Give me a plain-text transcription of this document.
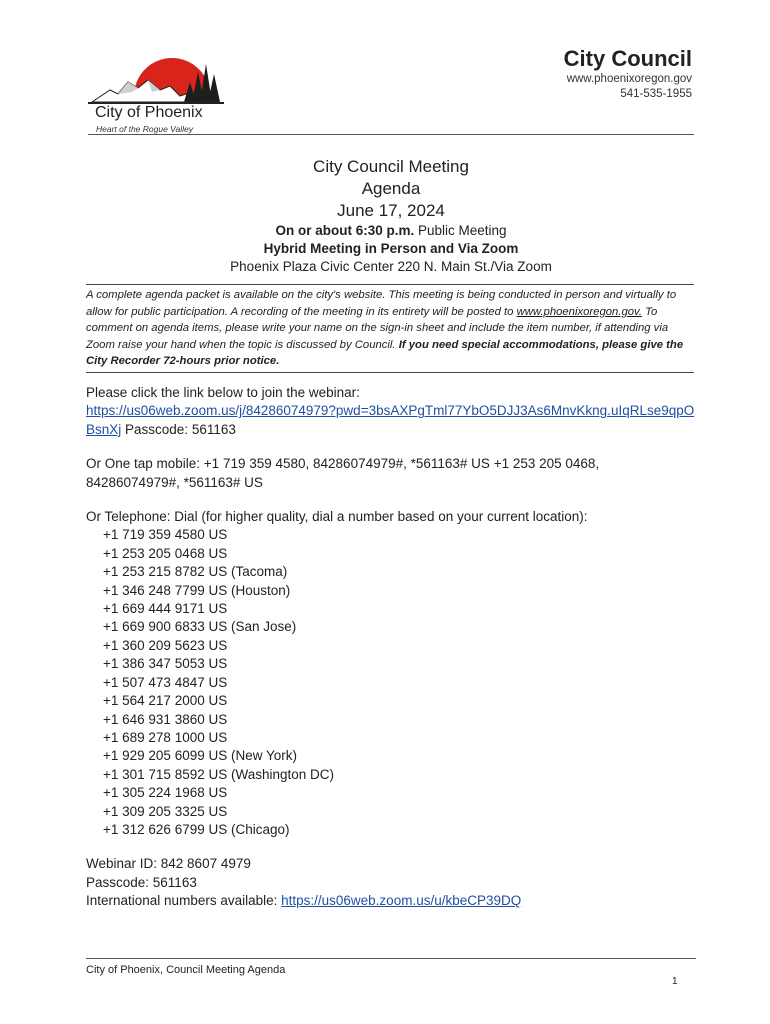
City of Phoenix
Heart of the Rogue Valley
City Council
www.phoenixoregon.gov
541-535-1955
City Council Meeting
Agenda
June 17, 2024
On or about 6:30 p.m. Public Meeting
Hybrid Meeting in Person and Via Zoom
Phoenix Plaza Civic Center 220 N. Main St./Via Zoom
A complete agenda packet is available on the city's website. This meeting is being conducted in person and virtually to allow for public participation. A recording of the meeting in its entirety will be posted to www.phoenixoregon.gov. To comment on agenda items, please write your name on the sign-in sheet and include the item number, if attending via Zoom raise your hand when the topic is discussed by Council. If you need special accommodations, please give the City Recorder 72-hours prior notice.
Please click the link below to join the webinar:
https://us06web.zoom.us/j/84286074979?pwd=3bsAXPgTml77YbO5DJJ3As6MnvKkng.uIqRLse9qpOBsnXj Passcode: 561163
Or One tap mobile: +1 719 359 4580, 84286074979#, *561163# US +1 253 205 0468, 84286074979#, *561163# US
Or Telephone: Dial (for higher quality, dial a number based on your current location):
+1 719 359 4580 US
+1 253 205 0468 US
+1 253 215 8782 US (Tacoma)
+1 346 248 7799 US (Houston)
+1 669 444 9171 US
+1 669 900 6833 US (San Jose)
+1 360 209 5623 US
+1 386 347 5053 US
+1 507 473 4847 US
+1 564 217 2000 US
+1 646 931 3860 US
+1 689 278 1000 US
+1 929 205 6099 US (New York)
+1 301 715 8592 US (Washington DC)
+1 305 224 1968 US
+1 309 205 3325 US
+1 312 626 6799 US (Chicago)
Webinar ID: 842 8607 4979
Passcode: 561163
International numbers available: https://us06web.zoom.us/u/kbeCP39DQ
City of Phoenix, Council Meeting Agenda
1
